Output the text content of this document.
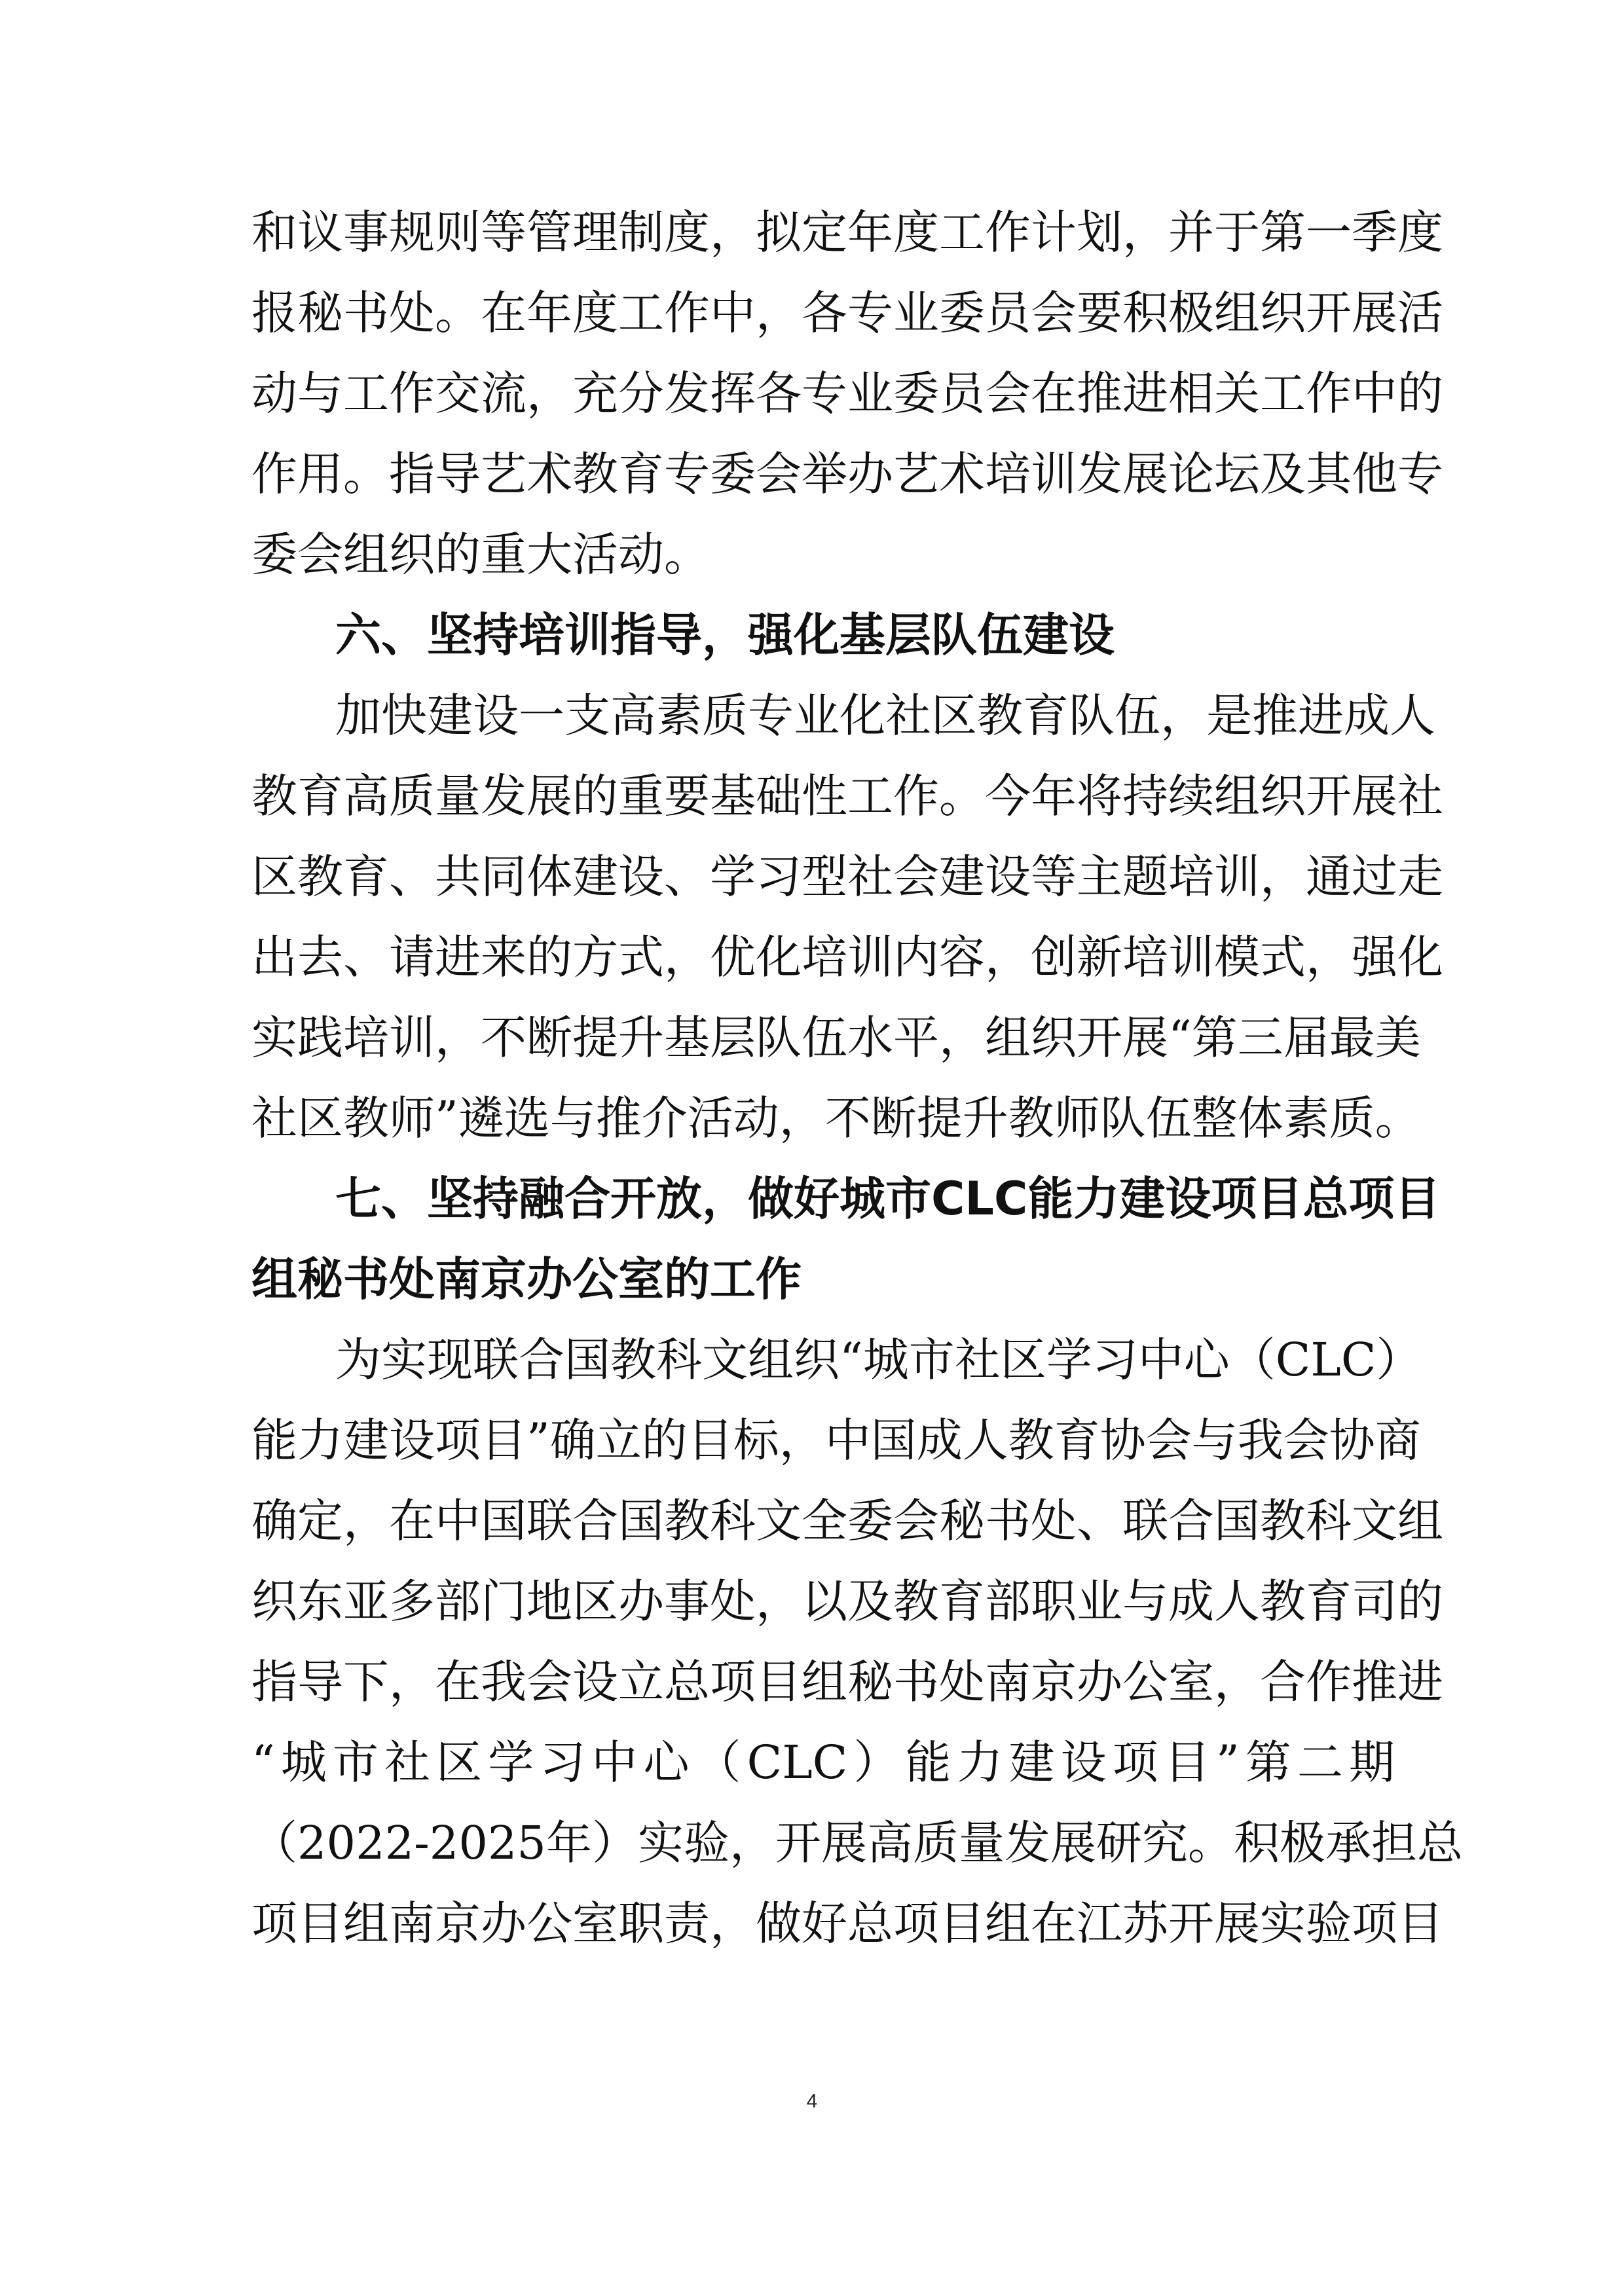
和议事规则等管理制度，拟定年度工作计划，并于第一季度
报秘书处。在年度工作中，各专业委员会要积极组织开展活
动与工作交流，充分发挥各专业委员会在推进相关工作中的
作用。指导艺术教育专委会举办艺术培训发展论坛及其他专
委会组织的重大活动。
六、坚持培训指导，强化基层队伍建设
加快建设一支高素质专业化社区教育队伍，是推进成人
教育高质量发展的重要基础性工作。今年将持续组织开展社
区教育、共同体建设、学习型社会建设等主题培训，通过走
出去、请进来的方式，优化培训内容，创新培训模式，强化
实践培训，不断提升基层队伍水平，组织开展“第三届最美
社区教师”遴选与推介活动，不断提升教师队伍整体素质。
七、坚持融合开放，做好城市CLC能力建设项目总项目
组秘书处南京办公室的工作
为实现联合国教科文组织“城市社区学习中心（CLC）
能力建设项目”确立的目标，中国成人教育协会与我会协商
确定，在中国联合国教科文全委会秘书处、联合国教科文组
织东亚多部门地区办事处，以及教育部职业与成人教育司的
指导下，在我会设立总项目组秘书处南京办公室，合作推进
“城市社区学习中心（CLC）能力建设项目”第二期
（2022-2025年）实验，开展高质量发展研究。积极承担总
项目组南京办公室职责，做好总项目组在江苏开展实验项目
4
